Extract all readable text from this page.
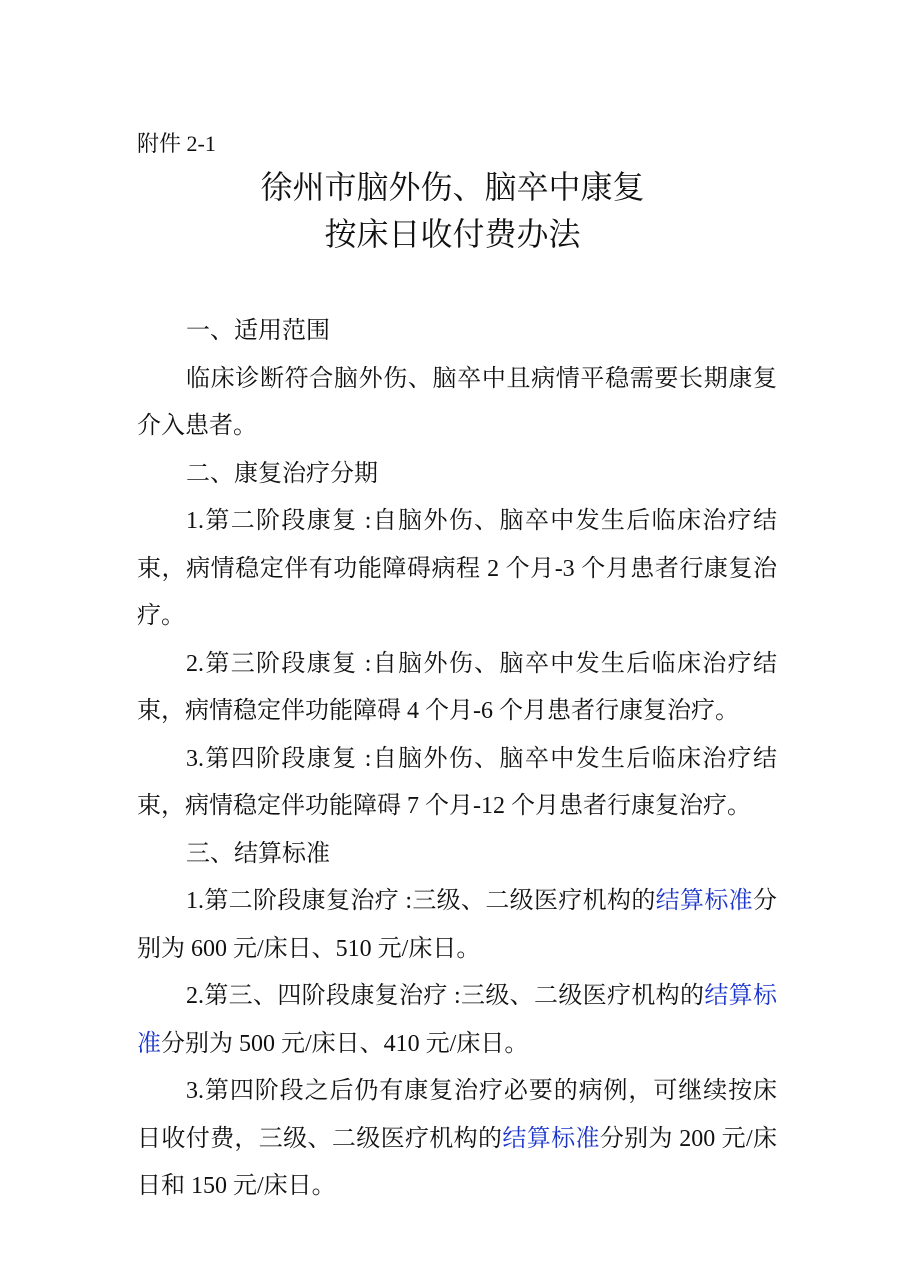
附件 2-1

徐州市脑外伤、脑卒中康复
按床日收付费办法

一、适用范围

临床诊断符合脑外伤、脑卒中且病情平稳需要长期康复介入患者。

二、康复治疗分期

1.第二阶段康复 :自脑外伤、脑卒中发生后临床治疗结束，病情稳定伴有功能障碍病程 2 个月-3 个月患者行康复治疗。

2.第三阶段康复 :自脑外伤、脑卒中发生后临床治疗结束，病情稳定伴功能障碍 4 个月-6 个月患者行康复治疗。

3.第四阶段康复 :自脑外伤、脑卒中发生后临床治疗结束，病情稳定伴功能障碍 7 个月-12 个月患者行康复治疗。

三、结算标准

1.第二阶段康复治疗 :三级、二级医疗机构的结算标准分别为 600 元/床日、510 元/床日。

2.第三、四阶段康复治疗 :三级、二级医疗机构的结算标准分别为 500 元/床日、410 元/床日。

3.第四阶段之后仍有康复治疗必要的病例，可继续按床日收付费，三级、二级医疗机构的结算标准分别为 200 元/床日和 150 元/床日。
